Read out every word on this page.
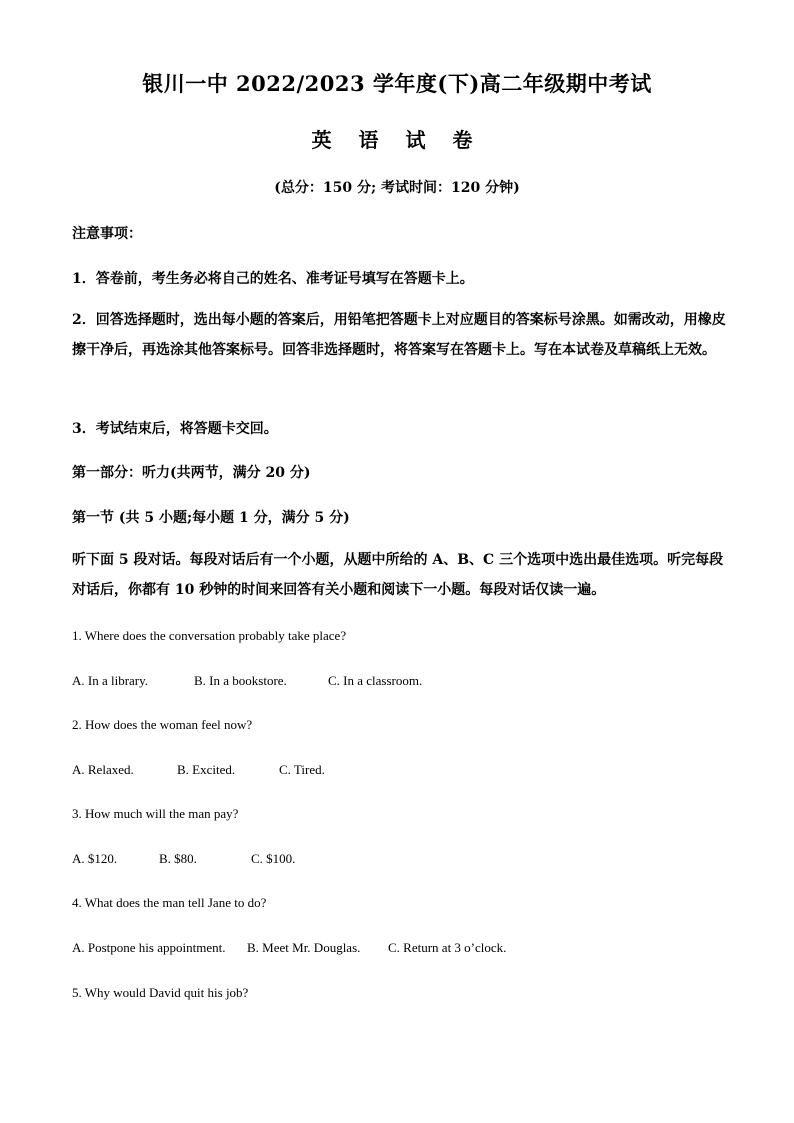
银川一中 2022/2023 学年度(下)高二年级期中考试
英 语 试 卷
(总分：150 分; 考试时间：120 分钟)
注意事项：
1．答卷前，考生务必将自己的姓名、准考证号填写在答题卡上。
2．回答选择题时，选出每小题的答案后，用铅笔把答题卡上对应题目的答案标号涂黑。如需改动，用橡皮擦干净后，再选涂其他答案标号。回答非选择题时，将答案写在答题卡上。写在本试卷及草稿纸上无效。
3．考试结束后，将答题卡交回。
第一部分：听力(共两节，满分 20 分)
第一节 (共 5 小题;每小题 1 分，满分 5 分)
听下面 5 段对话。每段对话后有一个小题，从题中所给的 A、B、C 三个选项中选出最佳选项。听完每段对话后，你都有 10 秒钟的时间来回答有关小题和阅读下一小题。每段对话仅读一遍。
1. Where does the conversation probably take place?
A. In a library.	B. In a bookstore.	C. In a classroom.
2. How does the woman feel now?
A. Relaxed.	B. Excited.	C. Tired.
3. How much will the man pay?
A. $120.	B. $80.	C. $100.
4. What does the man tell Jane to do?
A. Postpone his appointment. B. Meet Mr. Douglas. C. Return at 3 o’clock.
5. Why would David quit his job?
